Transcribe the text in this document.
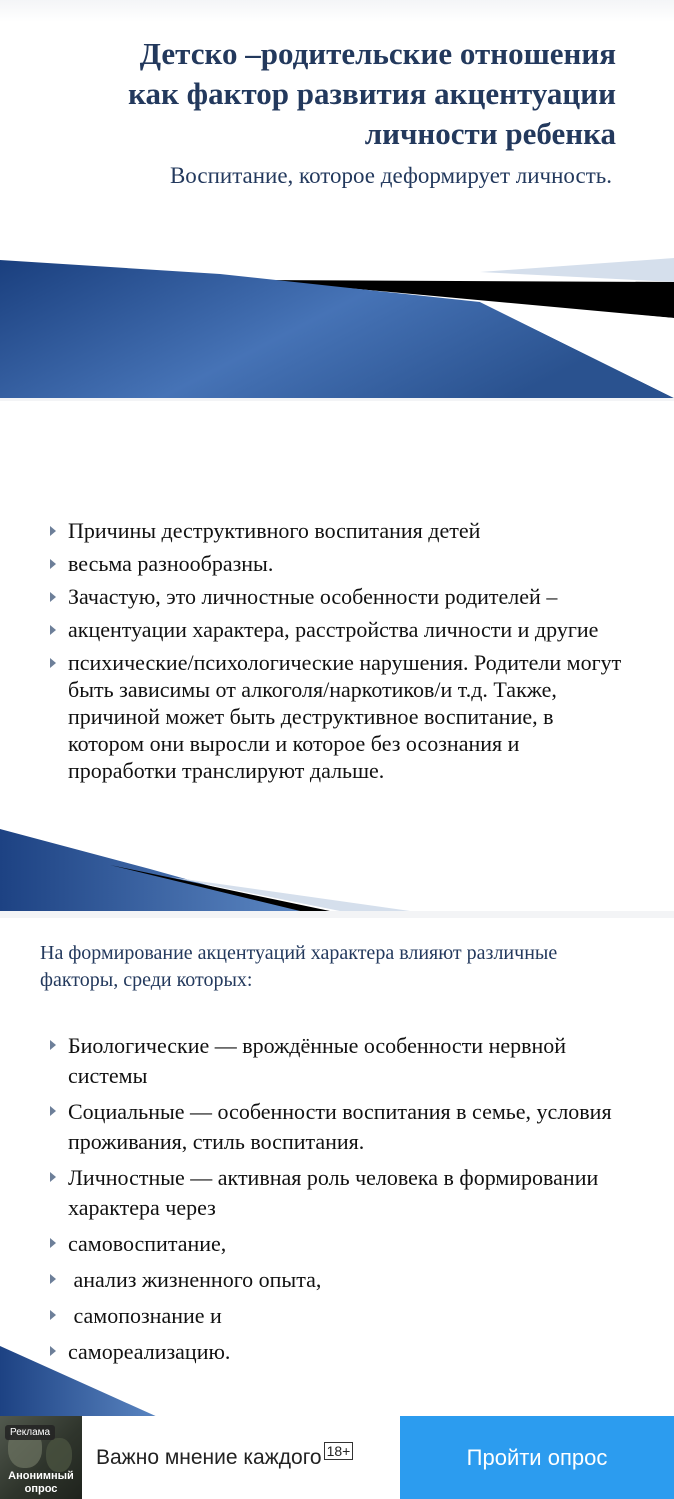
Детско –родительские отношения
как фактор развития акцентуации
личности ребенка

Воспитание, которое деформирует личность.

Причины деструктивного воспитания детей
весьма разнообразны.
Зачастую, это личностные особенности родителей –
акцентуации характера, расстройства личности и другие
психические/психологические нарушения. Родители могут быть зависимы от алкоголя/наркотиков/и т.д. Также, причиной может быть деструктивное воспитание, в котором они выросли и которое без осознания и проработки транслируют дальше.

На формирование акцентуаций характера влияют различные факторы, среди которых:

Биологические — врождённые особенности нервной системы
Социальные — особенности воспитания в семье, условия проживания, стиль воспитания.
Личностные — активная роль человека в формировании характера через
самовоспитание,
анализ жизненного опыта,
самопознание и
самореализацию.
Реклама
Анонимный опрос
Важно мнение каждого 18+	Пройти опрос
